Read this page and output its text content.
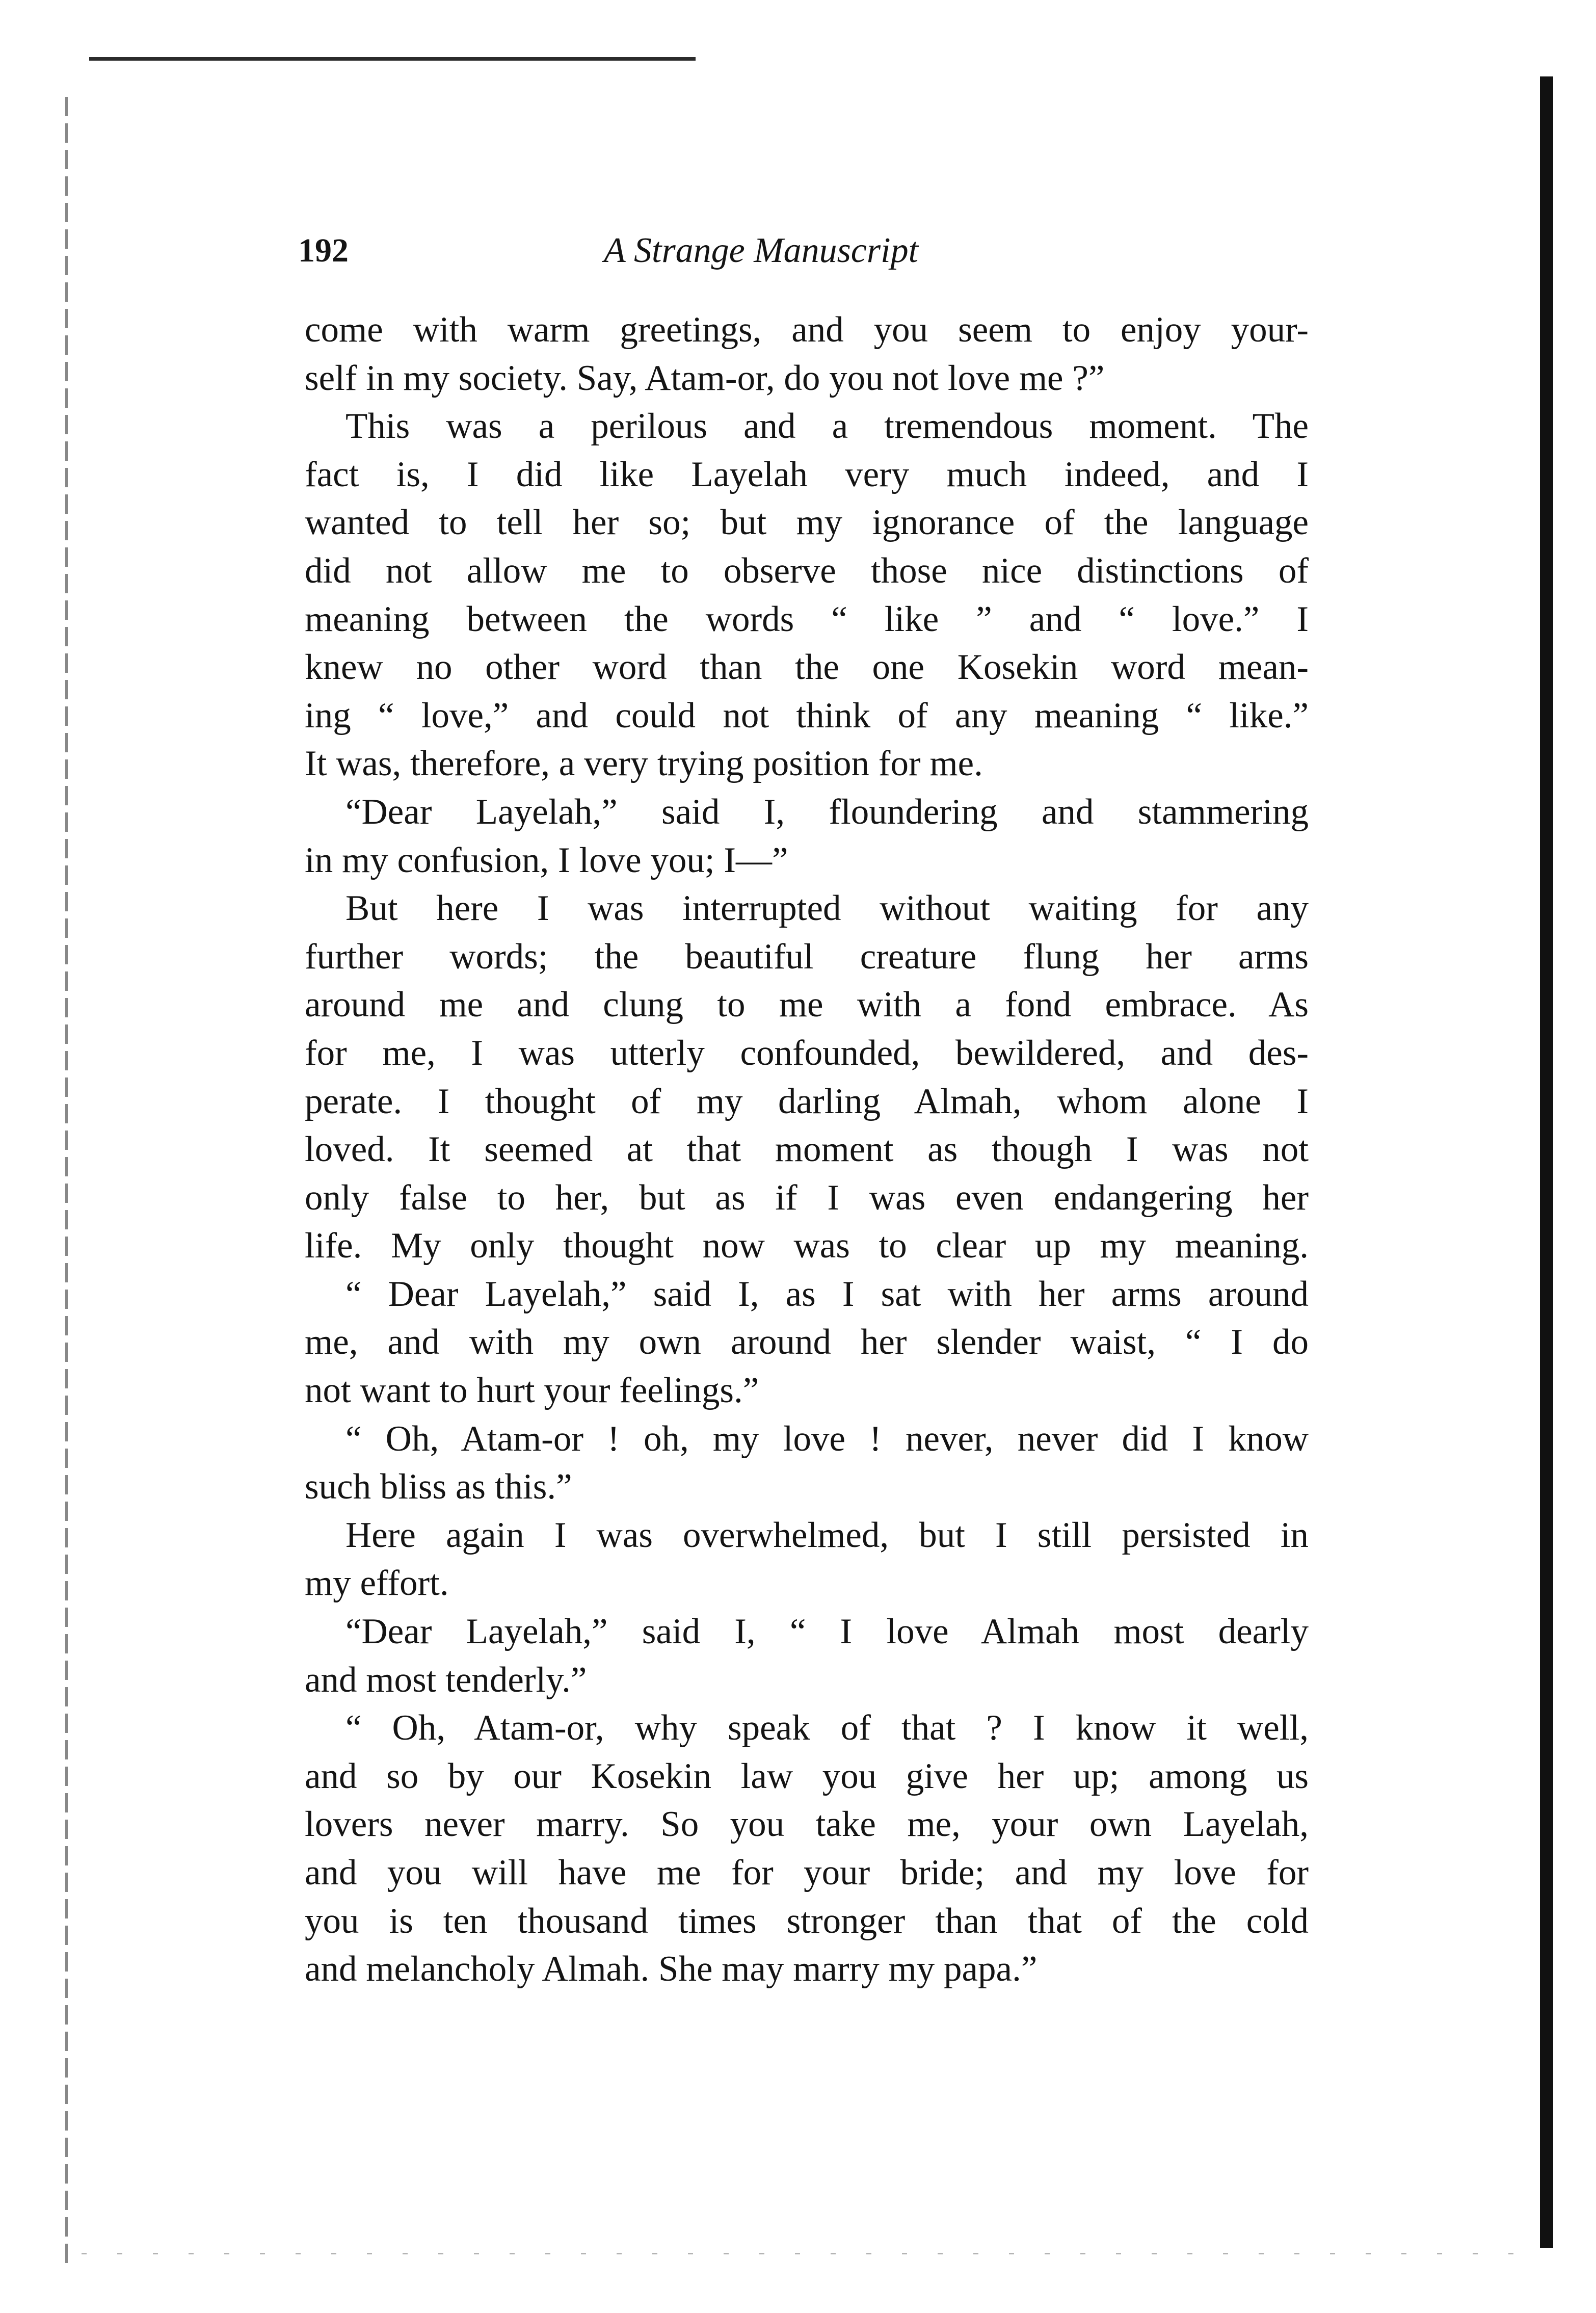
192	A Strange Manuscript
come with warm greetings, and you seem to enjoy your-
self in my society. Say, Atam-or, do you not love me ?”
This was a perilous and a tremendous moment. The
fact is, I did like Layelah very much indeed, and I
wanted to tell her so; but my ignorance of the language
did not allow me to observe those nice distinctions of
meaning between the words “ like ” and “ love.” I
knew no other word than the one Kosekin word mean-
ing “ love,” and could not think of any meaning “ like.”
It was, therefore, a very trying position for me.
“Dear Layelah,” said I, floundering and stammering
in my confusion, I love you; I—”
But here I was interrupted without waiting for any
further words; the beautiful creature flung her arms
around me and clung to me with a fond embrace. As
for me, I was utterly confounded, bewildered, and des-
perate. I thought of my darling Almah, whom alone I
loved. It seemed at that moment as though I was not
only false to her, but as if I was even endangering her
life. My only thought now was to clear up my meaning.
“ Dear Layelah,” said I, as I sat with her arms around
me, and with my own around her slender waist, “ I do
not want to hurt your feelings.”
“ Oh, Atam-or ! oh, my love ! never, never did I know
such bliss as this.”
Here again I was overwhelmed, but I still persisted in
my effort.
“Dear Layelah,” said I, “ I love Almah most dearly
and most tenderly.”
“ Oh, Atam-or, why speak of that ? I know it well,
and so by our Kosekin law you give her up; among us
lovers never marry. So you take me, your own Layelah,
and you will have me for your bride; and my love for
you is ten thousand times stronger than that of the cold
and melancholy Almah. She may marry my papa.”
